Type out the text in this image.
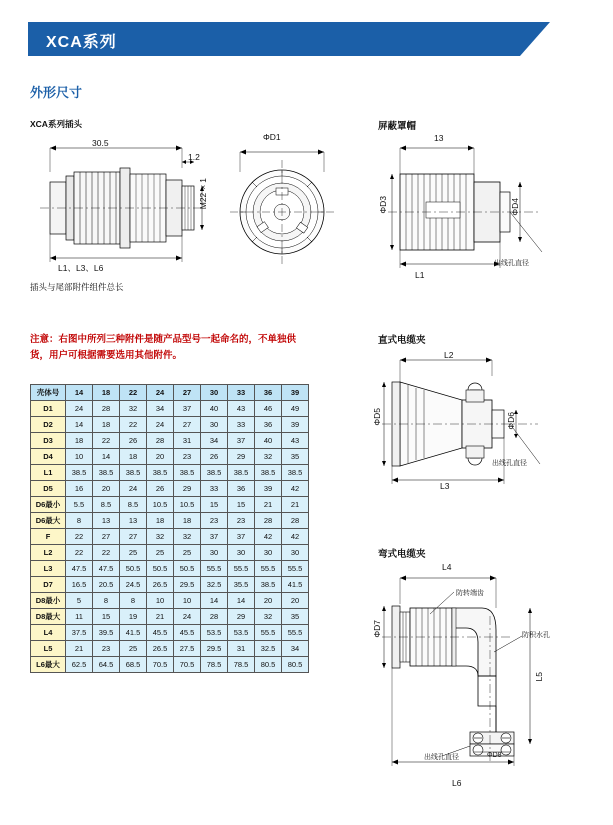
XCA系列
外形尺寸
XCA系列插头
30.5
1.2
M22×1
L1、L3、L6
插头与尾部附件组件总长
ΦD1
屏蔽罩帽
13
ΦD3	ΦD4
L1
出线孔直径
注意：右图中所列三种附件是随产品型号一起命名的，不单独供货，用户可根据需要选用其他附件。
直式电缆夹
L2
ΦD5	ΦD6
L3
出线孔直径
弯式电缆夹
L4
ΦD7
L5
L6
防转端齿
防积水孔
出线孔直径	ΦD8
壳体号	14	18	22	24	27	30	33	36	39
D1	24	28	32	34	37	40	43	46	49
D2	14	18	22	24	27	30	33	36	39
D3	18	22	26	28	31	34	37	40	43
D4	10	14	18	20	23	26	29	32	35
L1	38.5	38.5	38.5	38.5	38.5	38.5	38.5	38.5	38.5
D5	16	20	24	26	29	33	36	39	42
D6最小	5.5	8.5	8.5	10.5	10.5	15	15	21	21
D6最大	8	13	13	18	18	23	23	28	28
F	22	27	27	32	32	37	37	42	42
L2	22	22	25	25	25	30	30	30	30
L3	47.5	47.5	50.5	50.5	50.5	55.5	55.5	55.5	55.5
D7	16.5	20.5	24.5	26.5	29.5	32.5	35.5	38.5	41.5
D8最小	5	8	8	10	10	14	14	20	20
D8最大	11	15	19	21	24	28	29	32	35
L4	37.5	39.5	41.5	45.5	45.5	53.5	53.5	55.5	55.5
L5	21	23	25	26.5	27.5	29.5	31	32.5	34
L6最大	62.5	64.5	68.5	70.5	70.5	78.5	78.5	80.5	80.5
